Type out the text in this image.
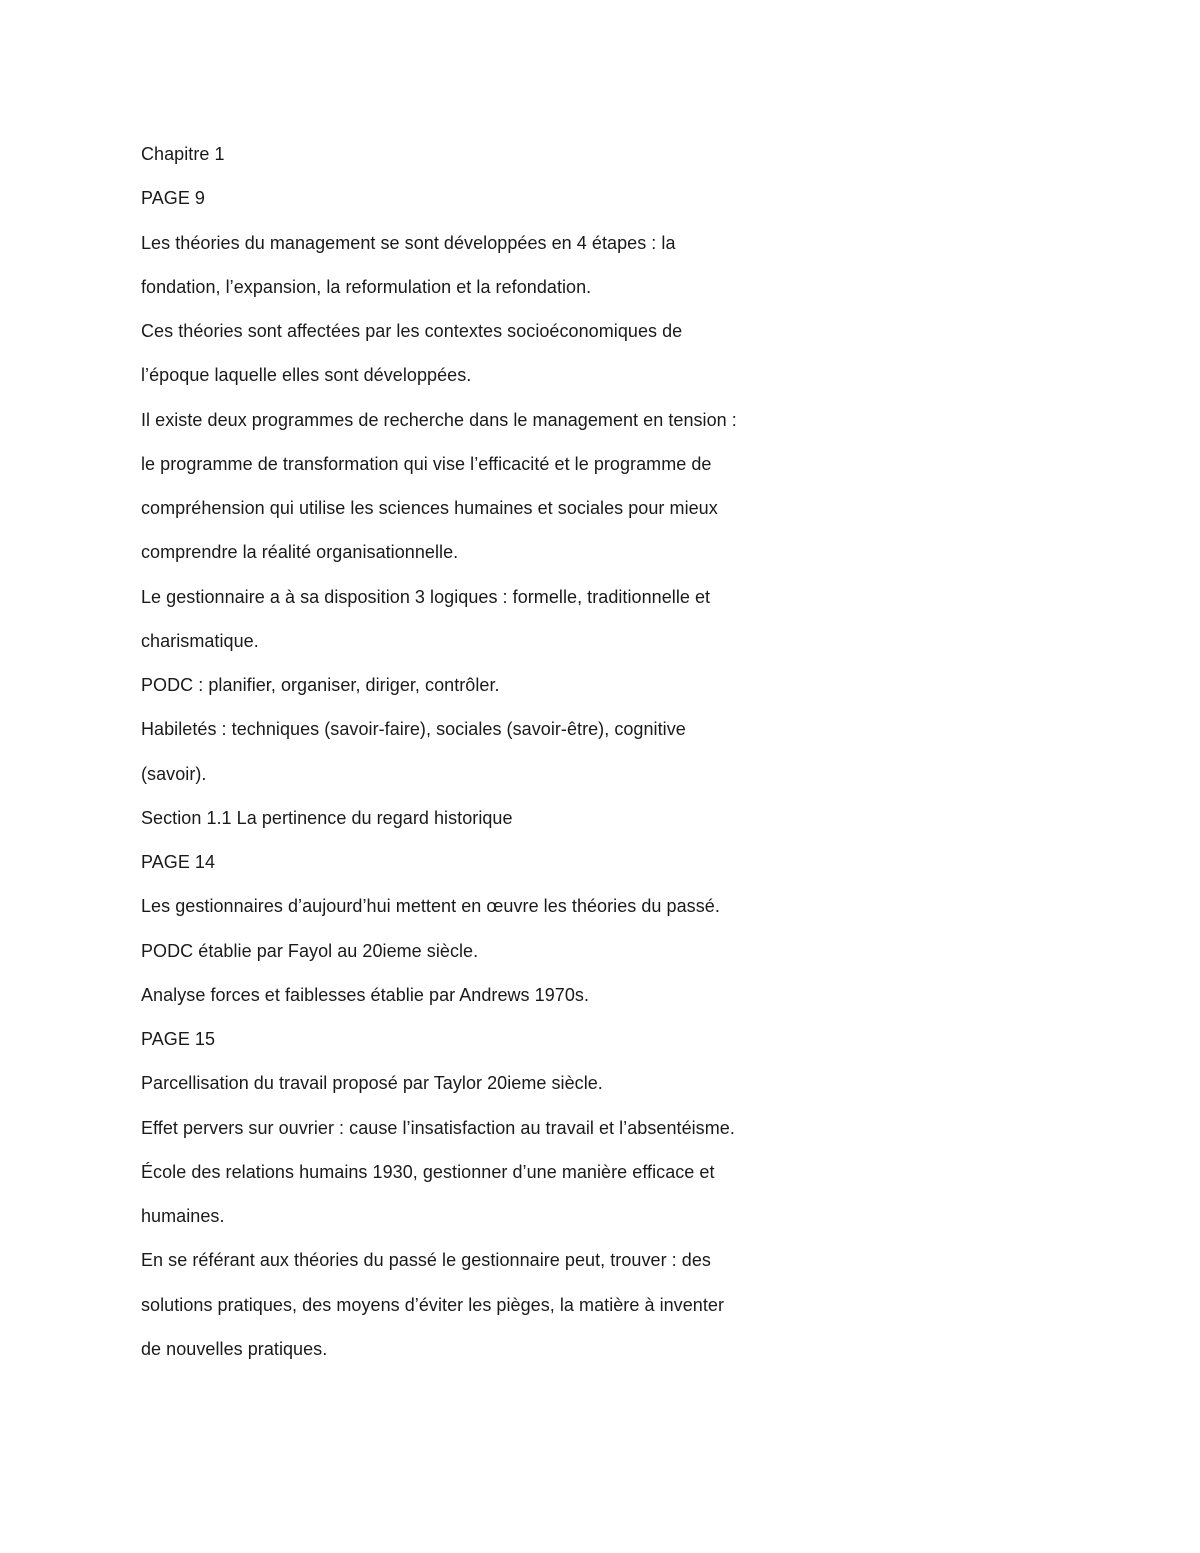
Chapitre 1
PAGE 9
Les théories du management se sont développées en 4 étapes : la
fondation, l’expansion, la reformulation et la refondation.
Ces théories sont affectées par les contextes socioéconomiques de
l’époque laquelle elles sont développées.
Il existe deux programmes de recherche dans le management en tension :
le programme de transformation qui vise l’efficacité et le programme de
compréhension qui utilise les sciences humaines et sociales pour mieux
comprendre la réalité organisationnelle.
Le gestionnaire a à sa disposition 3 logiques : formelle, traditionnelle et
charismatique.
PODC : planifier, organiser, diriger, contrôler.
Habiletés : techniques (savoir-faire), sociales (savoir-être), cognitive
(savoir).
Section 1.1 La pertinence du regard historique
PAGE 14
Les gestionnaires d’aujourd’hui mettent en œuvre les théories du passé.
PODC établie par Fayol au 20ieme siècle.
Analyse forces et faiblesses établie par Andrews 1970s.
PAGE 15
Parcellisation du travail proposé par Taylor 20ieme siècle.
Effet pervers sur ouvrier : cause l’insatisfaction au travail et l’absentéisme.
École des relations humains 1930, gestionner d’une manière efficace et
humaines.
En se référant aux théories du passé le gestionnaire peut, trouver : des
solutions pratiques, des moyens d’éviter les pièges, la matière à inventer
de nouvelles pratiques.
